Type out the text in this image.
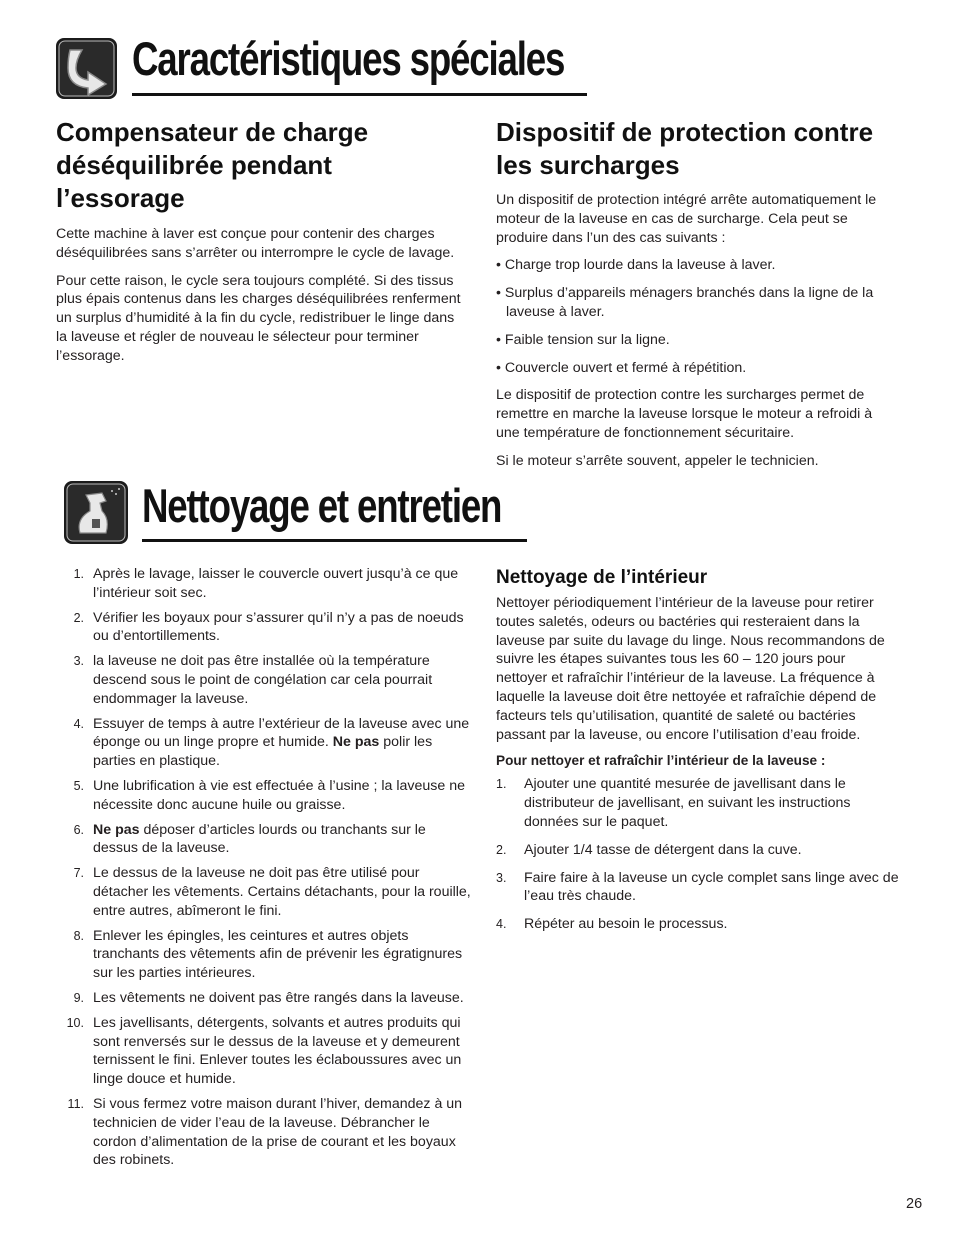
Caractéristiques spéciales
Compensateur de charge déséquilibrée pendant l’essorage

Cette machine à laver est conçue pour contenir des charges déséquilibrées sans s’arrêter ou interrompre le cycle de lavage.

Pour cette raison, le cycle sera toujours complété. Si des tissus plus épais contenus dans les charges déséquilibrées renferment un surplus d’humidité à la fin du cycle, redistribuer le linge dans la laveuse et régler de nouveau le sélecteur pour terminer l’essorage.

Dispositif de protection contre les surcharges

Un dispositif de protection intégré arrête automatiquement le moteur de la laveuse en cas de surcharge. Cela peut se produire dans l’un des cas suivants :

• Charge trop lourde dans la laveuse à laver.

• Surplus d’appareils ménagers branchés dans la ligne de la laveuse à laver.

• Faible tension sur la ligne.

• Couvercle ouvert et fermé à répétition.

Le dispositif de protection contre les surcharges permet de remettre en marche la laveuse lorsque le moteur a refroidi à une température de fonctionnement sécuritaire.

Si le moteur s’arrête souvent, appeler le technicien.

Nettoyage et entretien
1. Après le lavage, laisser le couvercle ouvert jusqu’à ce que l’intérieur soit sec.
2. Vérifier les boyaux pour s’assurer qu’il n’y a pas de noeuds ou d’entortillements.
3. la laveuse ne doit pas être installée où la température descend sous le point de congélation car cela pourrait endommager la laveuse.
4. Essuyer de temps à autre l’extérieur de la laveuse avec une éponge ou un linge propre et humide. Ne pas polir les parties en plastique.
5. Une lubrification à vie est effectuée à l’usine ; la laveuse ne nécessite donc aucune huile ou graisse.
6. Ne pas déposer d’articles lourds ou tranchants sur le dessus de la laveuse.
7. Le dessus de la laveuse ne doit pas être utilisé pour détacher les vêtements. Certains détachants, pour la rouille, entre autres, abîmeront le fini.
8. Enlever les épingles, les ceintures et autres objets tranchants des vêtements afin de prévenir les égratignures sur les parties intérieures.
9. Les vêtements ne doivent pas être rangés dans la laveuse.
10. Les javellisants, détergents, solvants et autres produits qui sont renversés sur le dessus de la laveuse et y demeurent ternissent le fini. Enlever toutes les éclaboussures avec un linge douce et humide.
11. Si vous fermez votre maison durant l’hiver, demandez à un technicien de vider l’eau de la laveuse. Débrancher le cordon d’alimentation de la prise de courant et les boyaux des robinets.
Nettoyage de l’intérieur

Nettoyer périodiquement l’intérieur de la laveuse pour retirer toutes saletés, odeurs ou bactéries qui resteraient dans la laveuse par suite du lavage du linge. Nous recommandons de suivre les étapes suivantes tous les 60 – 120 jours pour nettoyer et rafraîchir l’intérieur de la laveuse. La fréquence à laquelle la laveuse doit être nettoyée et rafraîchie dépend de facteurs tels qu’utilisation, quantité de saleté ou bactéries passant par la laveuse, ou encore l’utilisation d’eau froide.

Pour nettoyer et rafraîchir l’intérieur de la laveuse :

1.	Ajouter une quantité mesurée de javellisant dans le distributeur de javellisant, en suivant les instructions données sur le paquet.
2.	Ajouter 1/4 tasse de détergent dans la cuve.
3.	Faire faire à la laveuse un cycle complet sans linge avec de l’eau très chaude.
4.	Répéter au besoin le processus.
26
